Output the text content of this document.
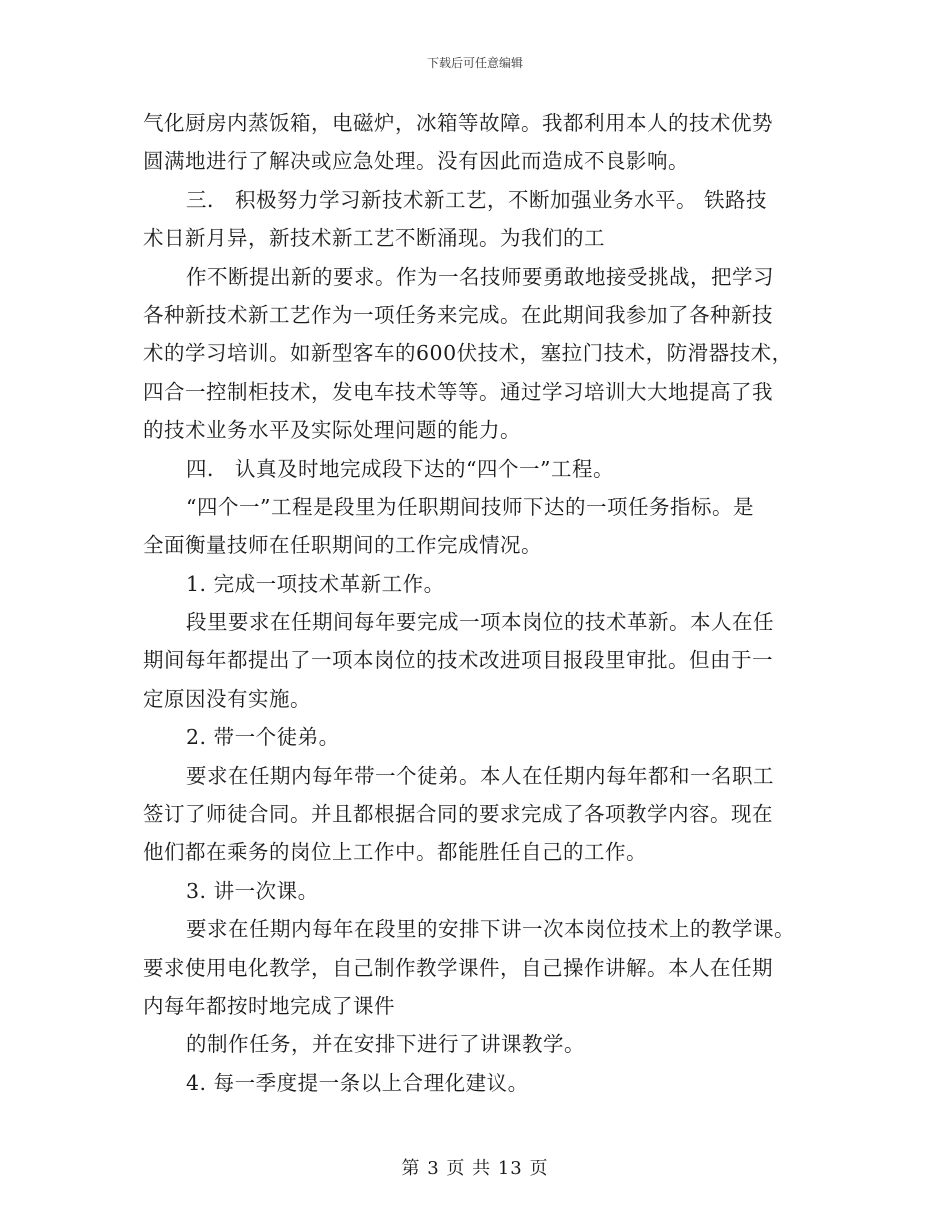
下载后可任意编辑
气化厨房内蒸饭箱，电磁炉，冰箱等故障。我都利用本人的技术优势
圆满地进行了解决或应急处理。没有因此而造成不良影响。
三． 积极努力学习新技术新工艺，不断加强业务水平。 铁路技
术日新月异，新技术新工艺不断涌现。为我们的工
作不断提出新的要求。作为一名技师要勇敢地接受挑战，把学习
各种新技术新工艺作为一项任务来完成。在此期间我参加了各种新技
术的学习培训。如新型客车的600伏技术，塞拉门技术，防滑器技术，
四合一控制柜技术，发电车技术等等。通过学习培训大大地提高了我
的技术业务水平及实际处理问题的能力。
四． 认真及时地完成段下达的“四个一”工程。
“四个一”工程是段里为任职期间技师下达的一项任务指标。是
全面衡量技师在任职期间的工作完成情况。
1. 完成一项技术革新工作。
段里要求在任期间每年要完成一项本岗位的技术革新。本人在任
期间每年都提出了一项本岗位的技术改进项目报段里审批。但由于一
定原因没有实施。
2. 带一个徒弟。
要求在任期内每年带一个徒弟。本人在任期内每年都和一名职工
签订了师徒合同。并且都根据合同的要求完成了各项教学内容。现在
他们都在乘务的岗位上工作中。都能胜任自己的工作。
3. 讲一次课。
要求在任期内每年在段里的安排下讲一次本岗位技术上的教学课。
要求使用电化教学，自己制作教学课件，自己操作讲解。本人在任期
内每年都按时地完成了课件
的制作任务，并在安排下进行了讲课教学。
4. 每一季度提一条以上合理化建议。
第 3 页 共 13 页
